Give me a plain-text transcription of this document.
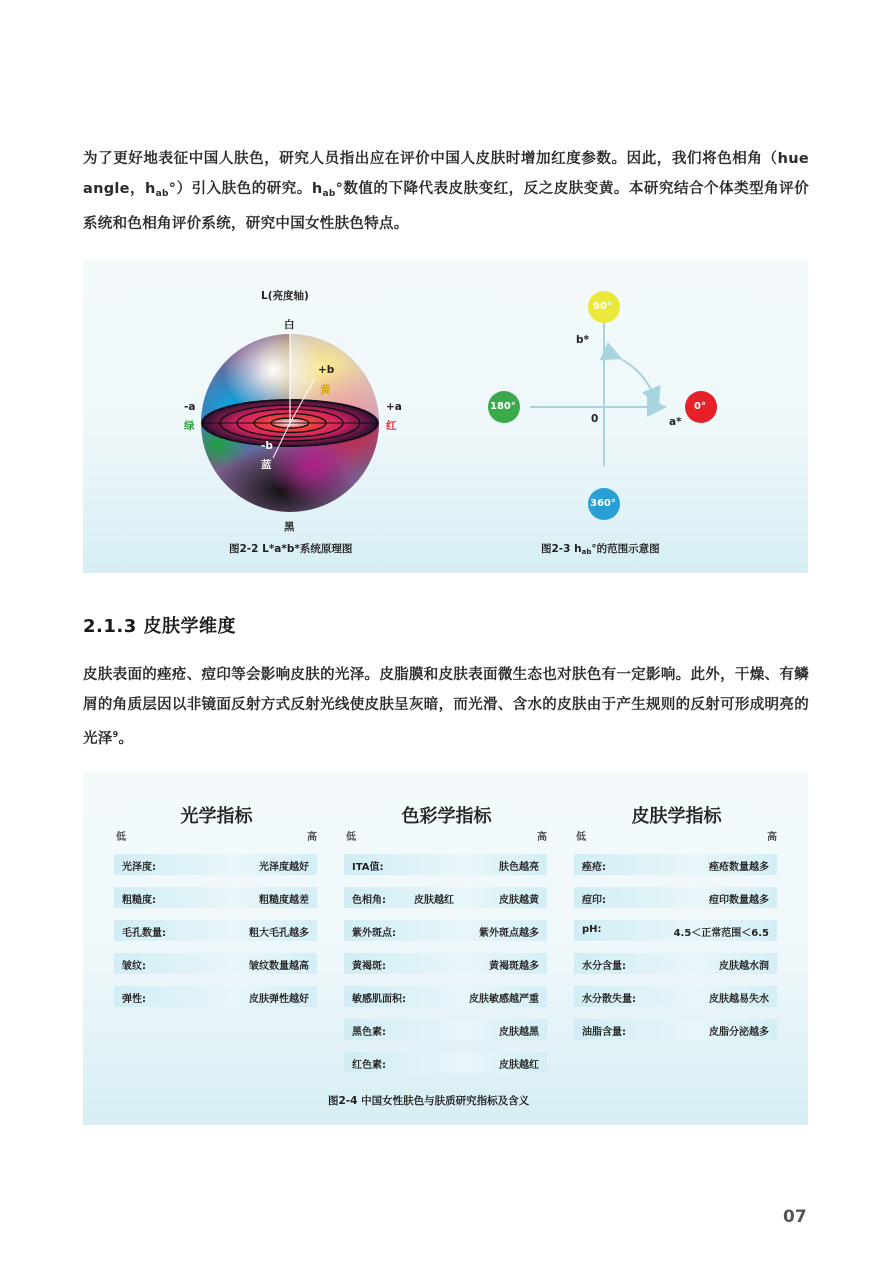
为了更好地表征中国人肤色，研究人员指出应在评价中国人皮肤时增加红度参数。因此，我们将色相角（hue angle，$h_{ab}^\circ$）引入肤色的研究。$h_{ab}^\circ$数值的下降代表皮肤变红，反之皮肤变黄。本研究结合个体类型角评价系统和色相角评价系统，研究中国女性肤色特点。

L(亮度轴)
白
+b
黄
-a
绿
+a
红
-b
蓝
黑
图2-2 L*a*b*系统原理图
90°
180°	0°
360°
b*
a*
0
图2-3 $h_{ab}^\circ$的范围示意图
2.1.3 皮肤学维度

皮肤表面的痤疮、痘印等会影响皮肤的光泽。皮脂膜和皮肤表面微生态也对肤色有一定影响。此外，干燥、有鳞屑的角质层因以非镜面反射方式反射光线使皮肤呈灰暗，而光滑、含水的皮肤由于产生规则的反射可形成明亮的光泽$^9$。

光学指标
低	高
光泽度:	光泽度越好
粗糙度:	粗糙度越差
毛孔数量:	粗大毛孔越多
皱纹:	皱纹数量越高
弹性:	皮肤弹性越好
色彩学指标
低	高
ITA值:	肤色越亮
色相角:	皮肤越红	皮肤越黄
紫外斑点:	紫外斑点越多
黄褐斑:	黄褐斑越多
敏感肌面积:	皮肤敏感越严重
黑色素:	皮肤越黑
红色素:	皮肤越红
皮肤学指标
低	高
痤疮:	痤疮数量越多
痘印:	痘印数量越多
pH:	4.5＜正常范围＜6.5
水分含量:	皮肤越水润
水分散失量:	皮肤越易失水
油脂含量:	皮脂分泌越多
图2-4 中国女性肤色与肤质研究指标及含义
07
